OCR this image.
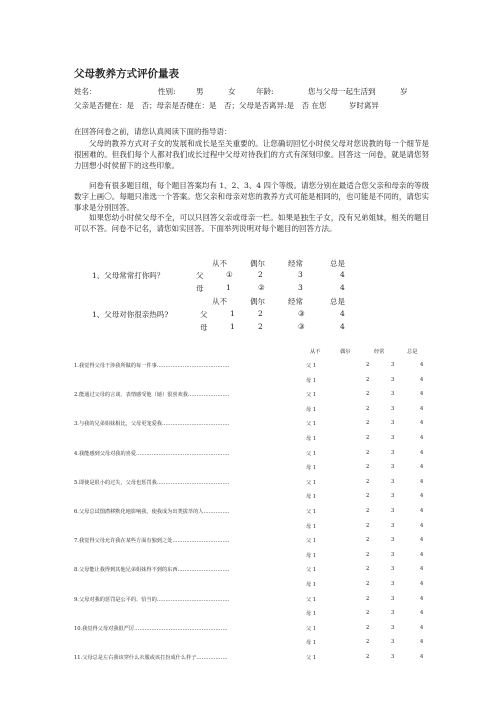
父母教养方式评价量表
姓名：	性别:	男	女	年龄:	您与父母一起生活到	岁
父亲是否健在：是　否；母亲是否健在：是　否；父母是否离异:是　否 在您　　　岁时离异
在回答问卷之前，请您认真阅读下面的指导语：
父母的教养方式对子女的发展和成长是至关重要的。让您确切回忆小时侯父母对您说教的每一个细节是很困难的。但我们每个人都对我们成长过程中父母对待我们的方式有深刻印象。回答这一问卷，就是请您努力回想小时侯留下的这些印象。
问卷有很多题目组，每个题目答案均有 1、2、3、4 四个等级。请您分别在最适合您父亲和母亲的等级数字上画〇。每题只准选一个答案。您父亲和母亲对您的教养方式可能是相同的，也可能是不同的，请您实事求是分别回答。
如果您幼小时侯父母不全，可以只回答父亲或母亲一栏。如果是独生子女，没有兄弟姐妹，相关的题目可以不答。问卷不记名，请您如实回答。下面举列说明对每个题目的回答方法。
从不	偶尔	经常	总是
1、父母常常打你吗？	父	①	2	3	4
母	1	②	3	4
从不	偶尔	经常	总是
1、父母对你很亲热吗?	父	1	2	③	4
母	1	2	③	4
从不	偶尔	经常	总是
1.我觉得父母干涉我所做的每一件事……………………………………	父 1	2	3	4
母 1	2	3	4
2.能通过父母的言谈、表情感受他（她）很喜欢我……………………	父 1	2	3	4
母 1	2	3	4
3.与我的兄弟姐妹相比，父母更宠爱我…………………………………	父 1	2	3	4
母 1	2	3	4
4.我能感到父母对我的喜爱………………………………………………	父 1	2	3	4
母 1	2	3	4
5.即使是很小的过失，父母也惩罚我……………………………………	父 1	2	3	4
母 1	2	3	4
6.父母总试图潜移默化地影响我，使我成为出类拔萃的人……………	父 1	2	3	4
母 1	2	3	4
7.我觉得父母允许我在某些方面有独到之处……………………………	父 1	2	3	4
母 1	2	3	4
8.父母能让我得到其他兄弟姐妹得不到的东西…………………………	父 1	2	3	4
母 1	2	3	4
9.父母对我的惩罚是公平的、恰当的……………………………………	父 1	2	3	4
母 1	2	3	4
10.我觉得父母对我很严厉………………………………………………	父 1	2	3	4
母 1	2	3	4
11.父母总是左右我该穿什么衣服或该打扮成什么样子………………	父 1	2	3	4
